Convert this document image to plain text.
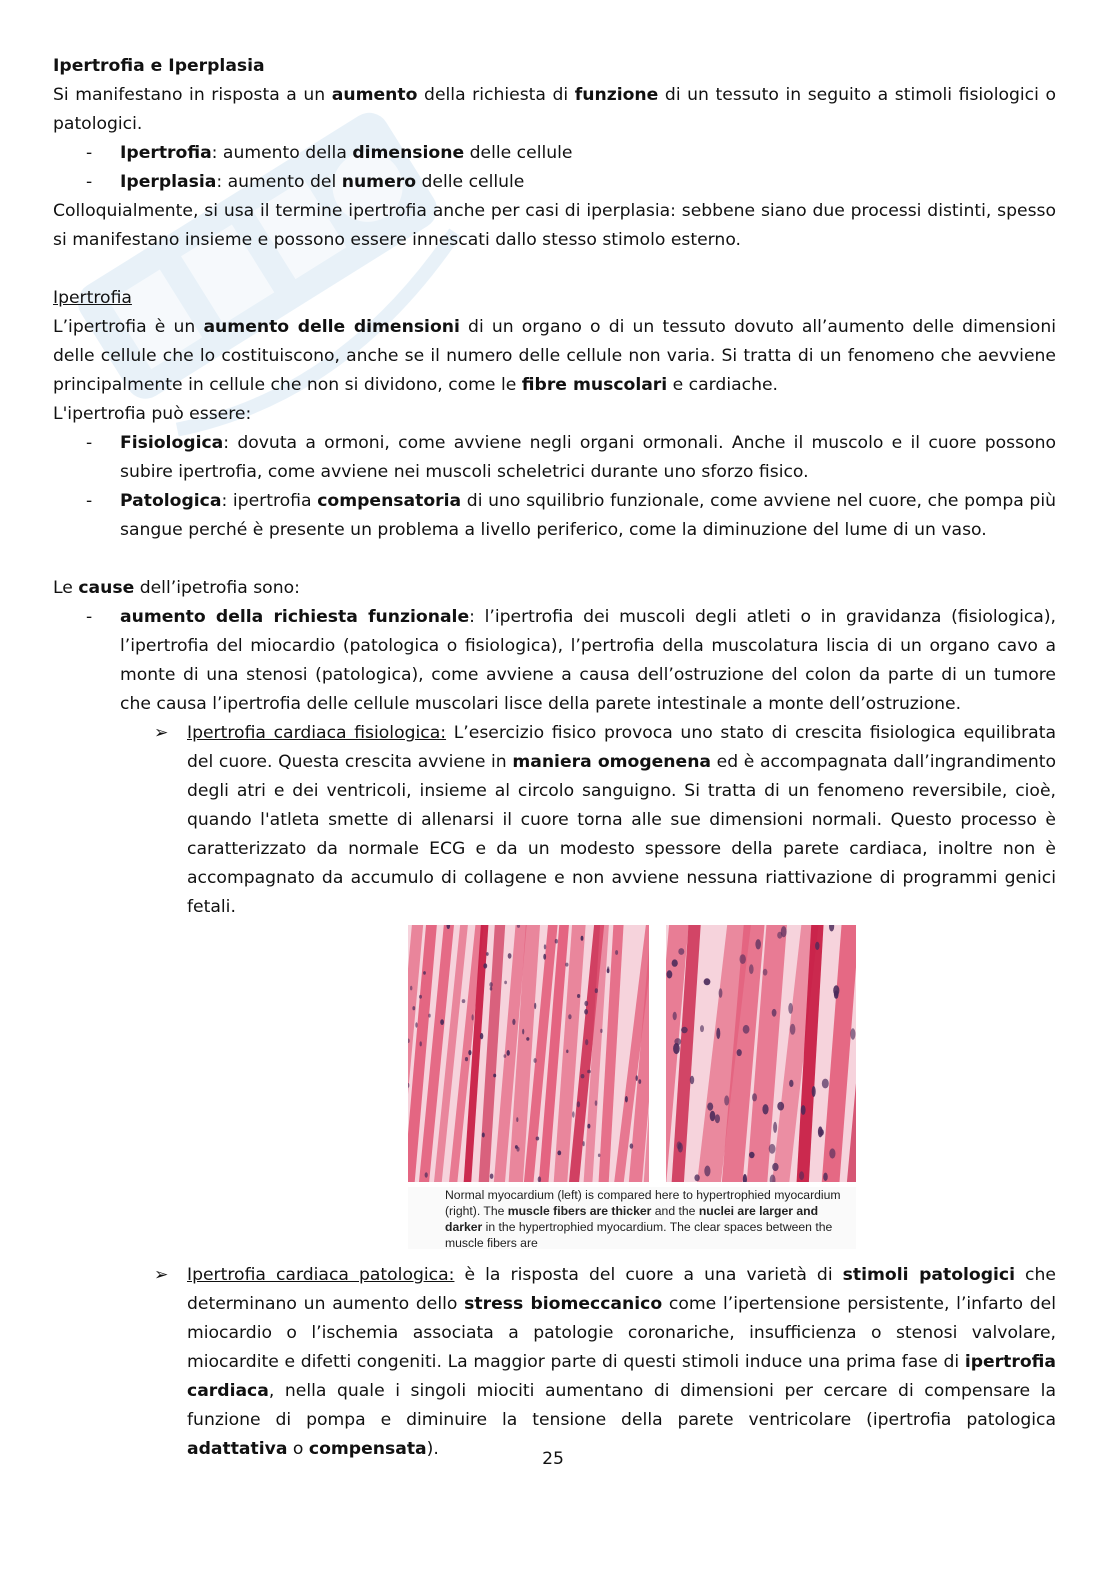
Ipertrofia e Iperplasia

Si manifestano in risposta a un aumento della richiesta di funzione di un tessuto in seguito a stimoli fisiologici o patologici.

- Ipertrofia: aumento della dimensione delle cellule
- Iperplasia: aumento del numero delle cellule

Colloquialmente, si usa il termine ipertrofia anche per casi di iperplasia: sebbene siano due processi distinti, spesso si manifestano insieme e possono essere innescati dallo stesso stimolo esterno.

Ipertrofia

L’ipertrofia è un aumento delle dimensioni di un organo o di un tessuto dovuto all’aumento delle dimensioni delle cellule che lo costituiscono, anche se il numero delle cellule non varia. Si tratta di un fenomeno che aevviene principalmente in cellule che non si dividono, come le fibre muscolari e cardiache.

L'ipertrofia può essere:

- Fisiologica: dovuta a ormoni, come avviene negli organi ormonali. Anche il muscolo e il cuore possono subire ipertrofia, come avviene nei muscoli scheletrici durante uno sforzo fisico.
- Patologica: ipertrofia compensatoria di uno squilibrio funzionale, come avviene nel cuore, che pompa più sangue perché è presente un problema a livello periferico, come la diminuzione del lume di un vaso.

Le cause dell’ipetrofia sono:

- aumento della richiesta funzionale: l’ipertrofia dei muscoli degli atleti o in gravidanza (fisiologica), l’ipertrofia del miocardio (patologica o fisiologica), l’pertrofia della muscolatura liscia di un organo cavo a monte di una stenosi (patologica), come avviene a causa dell’ostruzione del colon da parte di un tumore che causa l’ipertrofia delle cellule muscolari lisce della parete intestinale a monte dell’ostruzione.
➢ Ipertrofia cardiaca fisiologica: L’esercizio fisico provoca uno stato di crescita fisiologica equilibrata del cuore. Questa crescita avviene in maniera omogenena ed è accompagnata dall’ingrandimento degli atri e dei ventricoli, insieme al circolo sanguigno. Si tratta di un fenomeno reversibile, cioè, quando l'atleta smette di allenarsi il cuore torna alle sue dimensioni normali. Questo processo è caratterizzato da normale ECG e da un modesto spessore della parete cardiaca, inoltre non è accompagnato da accumulo di collagene e non avviene nessuna riattivazione di programmi genici fetali.
Normal myocardium (left) is compared here to hypertrophied myocardium (right). The muscle fibers are thicker and the nuclei are larger and darker in the hypertrophied myocardium. The clear spaces between the muscle fibers are
➢ Ipertrofia cardiaca patologica: è la risposta del cuore a una varietà di stimoli patologici che determinano un aumento dello stress biomeccanico come l’ipertensione persistente, l’infarto del miocardio o l’ischemia associata a patologie coronariche, insufficienza o stenosi valvolare, miocardite e difetti congeniti. La maggior parte di questi stimoli induce una prima fase di ipertrofia cardiaca, nella quale i singoli miociti aumentano di dimensioni per cercare di compensare la funzione di pompa e diminuire la tensione della parete ventricolare (ipertrofia patologica adattativa o compensata).	25
